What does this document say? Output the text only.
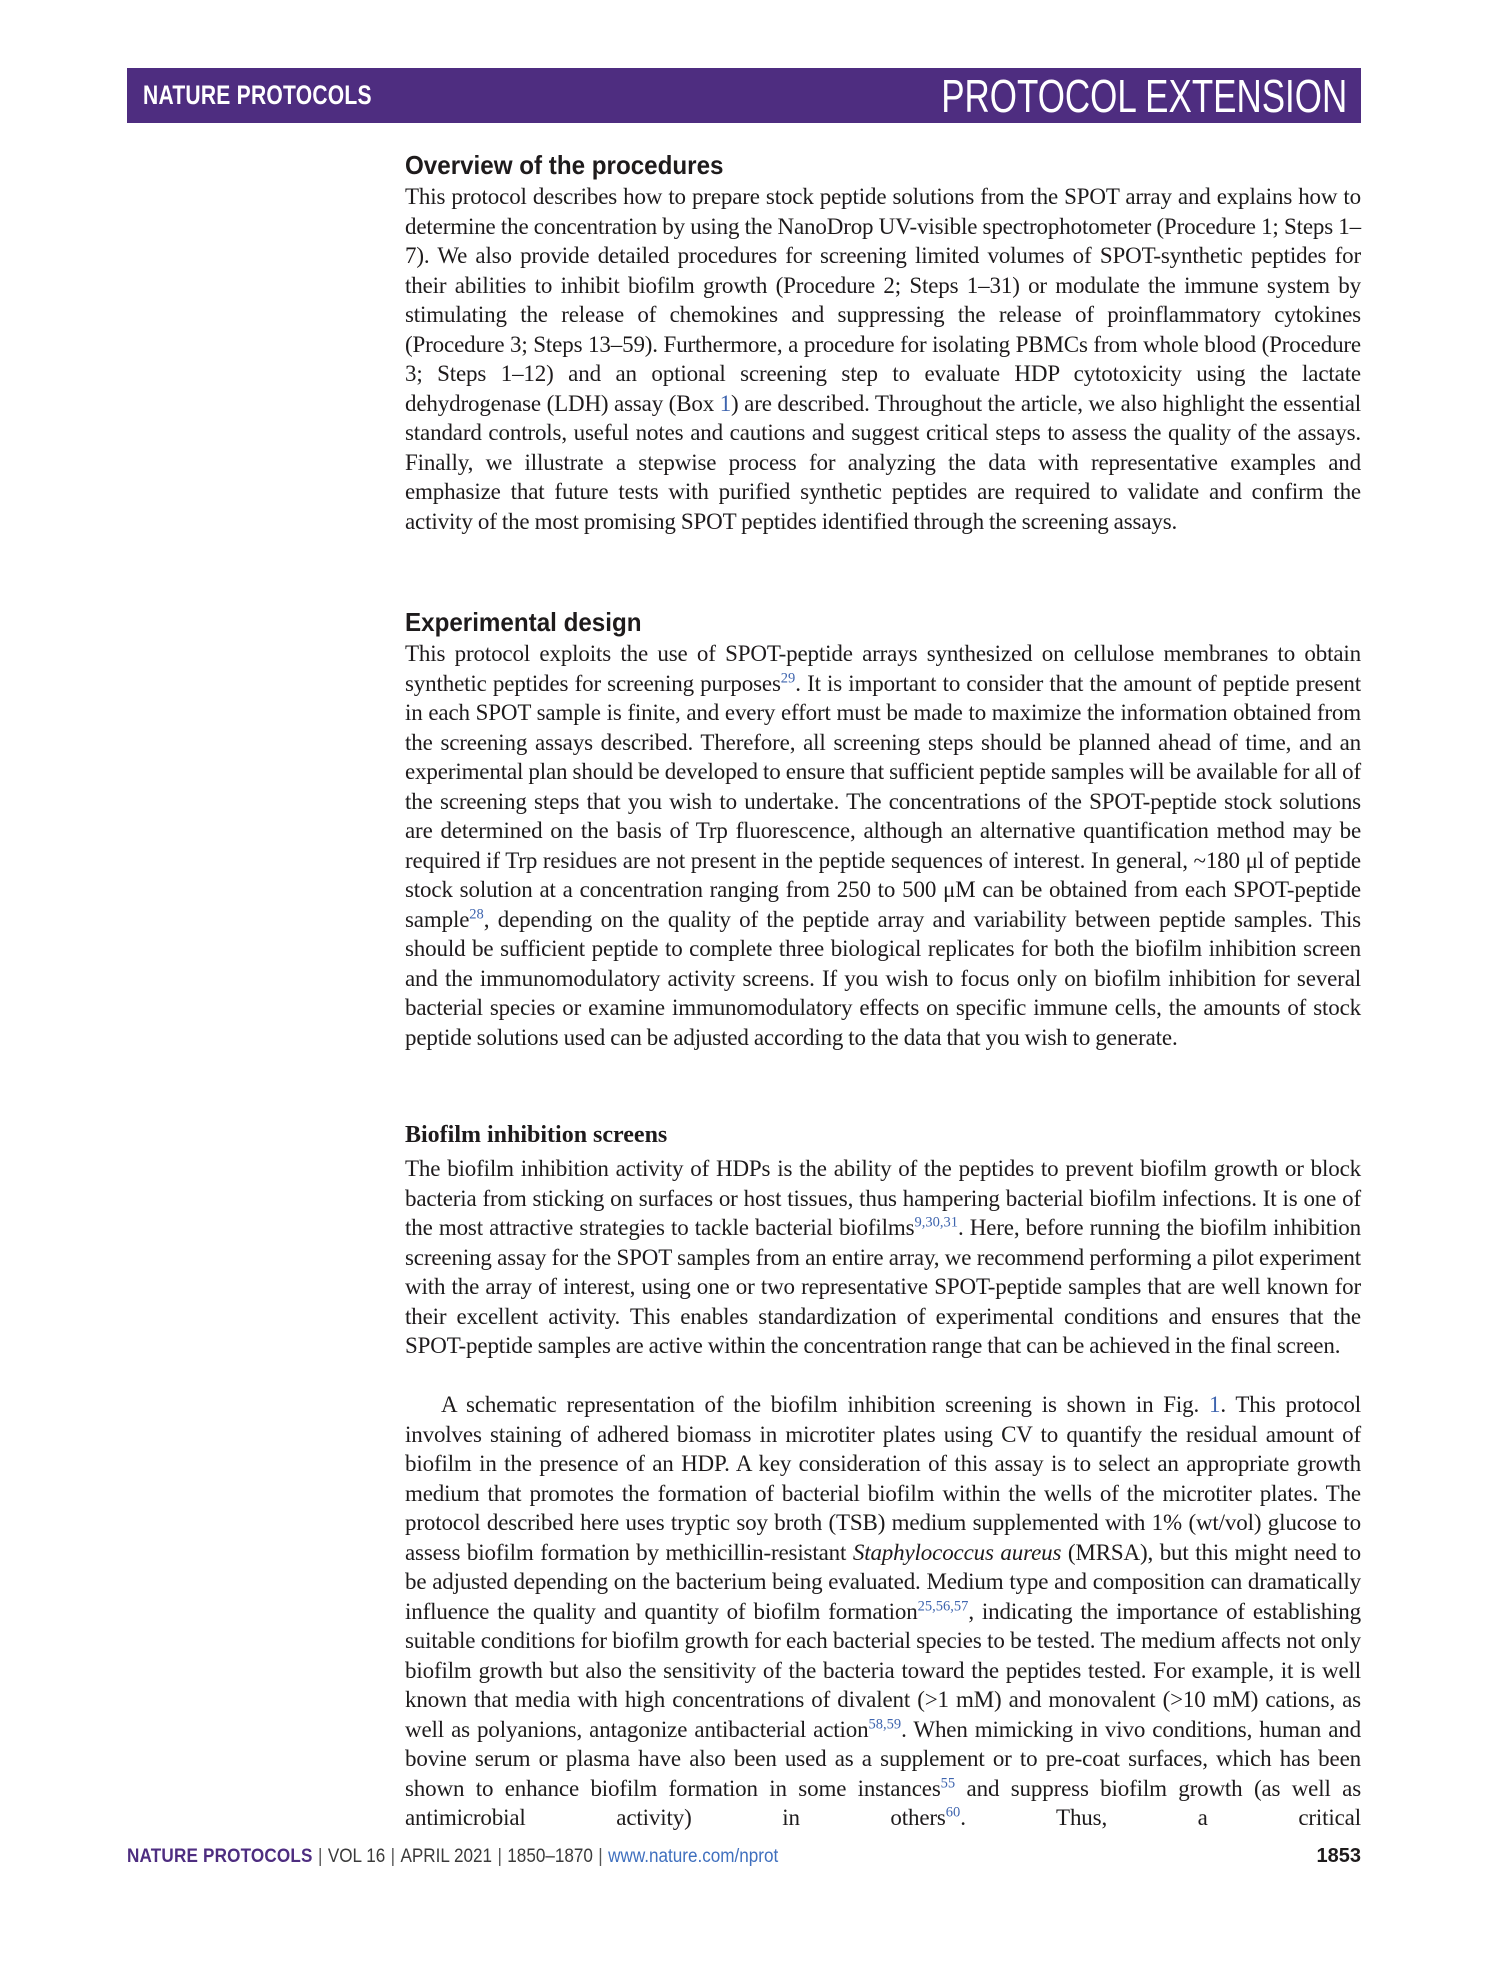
NATURE PROTOCOLS	PROTOCOL EXTENSION
Overview of the procedures

This protocol describes how to prepare stock peptide solutions from the SPOT array and explains how to determine the concentration by using the NanoDrop UV-visible spectrophotometer (Procedure 1; Steps 1–7). We also provide detailed procedures for screening limited volumes of SPOT-synthetic peptides for their abilities to inhibit biofilm growth (Procedure 2; Steps 1–31) or modulate the immune system by stimulating the release of chemokines and suppressing the release of proinflammatory cytokines (Procedure 3; Steps 13–59). Furthermore, a procedure for isolating PBMCs from whole blood (Procedure 3; Steps 1–12) and an optional screening step to evaluate HDP cytotoxicity using the lactate dehydrogenase (LDH) assay (Box 1) are described. Throughout the article, we also highlight the essential standard controls, useful notes and cautions and suggest critical steps to assess the quality of the assays. Finally, we illustrate a stepwise process for analyzing the data with representative examples and emphasize that future tests with purified synthetic peptides are required to validate and confirm the activity of the most promising SPOT peptides identified through the screening assays.

Experimental design

This protocol exploits the use of SPOT-peptide arrays synthesized on cellulose membranes to obtain synthetic peptides for screening purposes$^{29}$. It is important to consider that the amount of peptide present in each SPOT sample is finite, and every effort must be made to maximize the information obtained from the screening assays described. Therefore, all screening steps should be planned ahead of time, and an experimental plan should be developed to ensure that sufficient peptide samples will be available for all of the screening steps that you wish to undertake. The concentrations of the SPOT-peptide stock solutions are determined on the basis of Trp fluorescence, although an alternative quantification method may be required if Trp residues are not present in the peptide sequences of interest. In general, ~180 μl of peptide stock solution at a concentration ranging from 250 to 500 μM can be obtained from each SPOT-peptide sample$^{28}$, depending on the quality of the peptide array and variability between peptide samples. This should be sufficient peptide to complete three biological replicates for both the biofilm inhibition screen and the immunomodulatory activity screens. If you wish to focus only on biofilm inhibition for several bacterial species or examine immunomodulatory effects on specific immune cells, the amounts of stock peptide solutions used can be adjusted according to the data that you wish to generate.

Biofilm inhibition screens

The biofilm inhibition activity of HDPs is the ability of the peptides to prevent biofilm growth or block bacteria from sticking on surfaces or host tissues, thus hampering bacterial biofilm infections. It is one of the most attractive strategies to tackle bacterial biofilms$^{9,30,31}$. Here, before running the biofilm inhibition screening assay for the SPOT samples from an entire array, we recommend performing a pilot experiment with the array of interest, using one or two representative SPOT-peptide samples that are well known for their excellent activity. This enables standardization of experimental conditions and ensures that the SPOT-peptide samples are active within the concentration range that can be achieved in the final screen.

A schematic representation of the biofilm inhibition screening is shown in Fig. 1. This protocol involves staining of adhered biomass in microtiter plates using CV to quantify the residual amount of biofilm in the presence of an HDP. A key consideration of this assay is to select an appropriate growth medium that promotes the formation of bacterial biofilm within the wells of the microtiter plates. The protocol described here uses tryptic soy broth (TSB) medium supplemented with 1% (wt/vol) glucose to assess biofilm formation by methicillin-resistant Staphylococcus aureus (MRSA), but this might need to be adjusted depending on the bacterium being evaluated. Medium type and composition can dramatically influence the quality and quantity of biofilm formation$^{25,56,57}$, indicating the importance of establishing suitable conditions for biofilm growth for each bacterial species to be tested. The medium affects not only biofilm growth but also the sensitivity of the bacteria toward the peptides tested. For example, it is well known that media with high concentrations of divalent (>1 mM) and monovalent (>10 mM) cations, as well as polyanions, antagonize antibacterial action$^{58,59}$. When mimicking in vivo conditions, human and bovine serum or plasma have also been used as a supplement or to pre-coat surfaces, which has been shown to enhance biofilm formation in some instances$^{55}$ and suppress biofilm growth (as well as antimicrobial activity) in others$^{60}$. Thus, a critical

NATURE PROTOCOLS | VOL 16 | APRIL 2021 | 1850–1870 | www.nature.com/nprot	1853
